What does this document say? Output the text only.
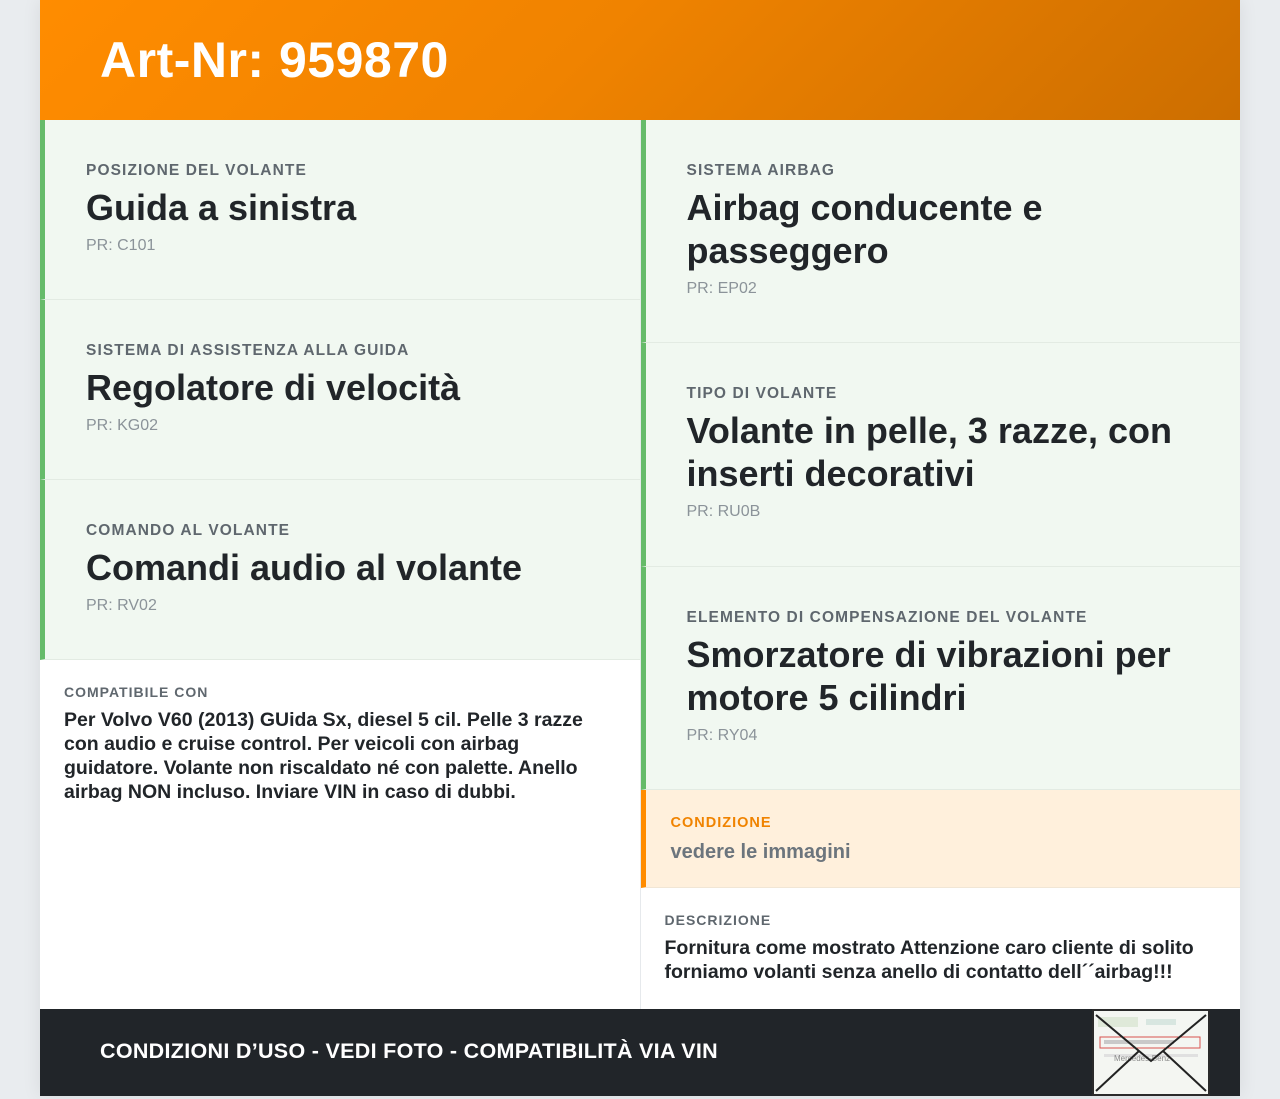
Art-Nr: 959870
POSIZIONE DEL VOLANTE
Guida a sinistra
PR: C101
SISTEMA DI ASSISTENZA ALLA GUIDA
Regolatore di velocità
PR: KG02
COMANDO AL VOLANTE
Comandi audio al volante
PR: RV02
COMPATIBILE CON
Per Volvo V60 (2013) GUida Sx, diesel 5 cil. Pelle 3 razze con audio e cruise control. Per veicoli con airbag guidatore. Volante non riscaldato né con palette. Anello airbag NON incluso. Inviare VIN in caso di dubbi.
SISTEMA AIRBAG
Airbag conducente e passeggero
PR: EP02
TIPO DI VOLANTE
Volante in pelle, 3 razze, con inserti decorativi
PR: RU0B
ELEMENTO DI COMPENSAZIONE DEL VOLANTE
Smorzatore di vibrazioni per motore 5 cilindri
PR: RY04
CONDIZIONE
vedere le immagini
DESCRIZIONE
Fornitura come mostrato Attenzione caro cliente di solito forniamo volanti senza anello di contatto dell´´airbag!!!
CONDIZIONI D’USO - VEDI FOTO - COMPATIBILITÀ VIA VIN	Mercedes-Benz
